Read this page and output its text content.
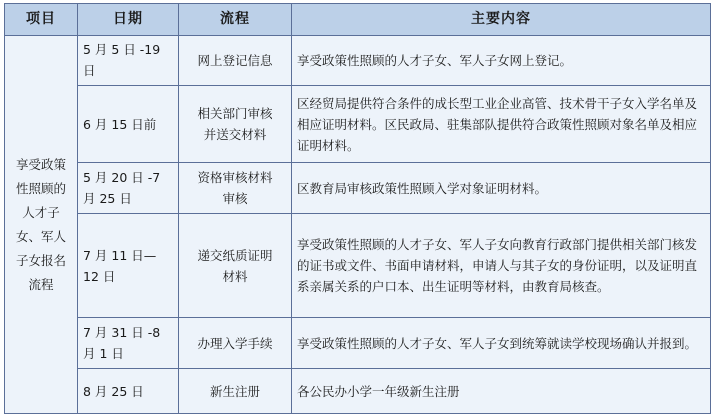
项目	日期	流程	主要内容
享受政策性照顾的人才子女、军人子女报名流程	5 月 5 日 -19 日	网上登记信息	享受政策性照顾的人才子女、军人子女网上登记。
	6 月 15 日前	相关部门审核并送交材料	区经贸局提供符合条件的成长型工业企业高管、技术骨干子女入学名单及相应证明材料。区民政局、驻集部队提供符合政策性照顾对象名单及相应证明材料。
	5 月 20 日 -7 月 25 日	资格审核材料审核	区教育局审核政策性照顾入学对象证明材料。
	7 月 11 日—12 日	递交纸质证明材料	享受政策性照顾的人才子女、军人子女向教育行政部门提供相关部门核发的证书或文件、书面申请材料，申请人与其子女的身份证明，以及证明直系亲属关系的户口本、出生证明等材料，由教育局核查。
	7 月 31 日 -8 月 1 日	办理入学手续	享受政策性照顾的人才子女、军人子女到统筹就读学校现场确认并报到。
	8 月 25 日	新生注册	各公民办小学一年级新生注册
